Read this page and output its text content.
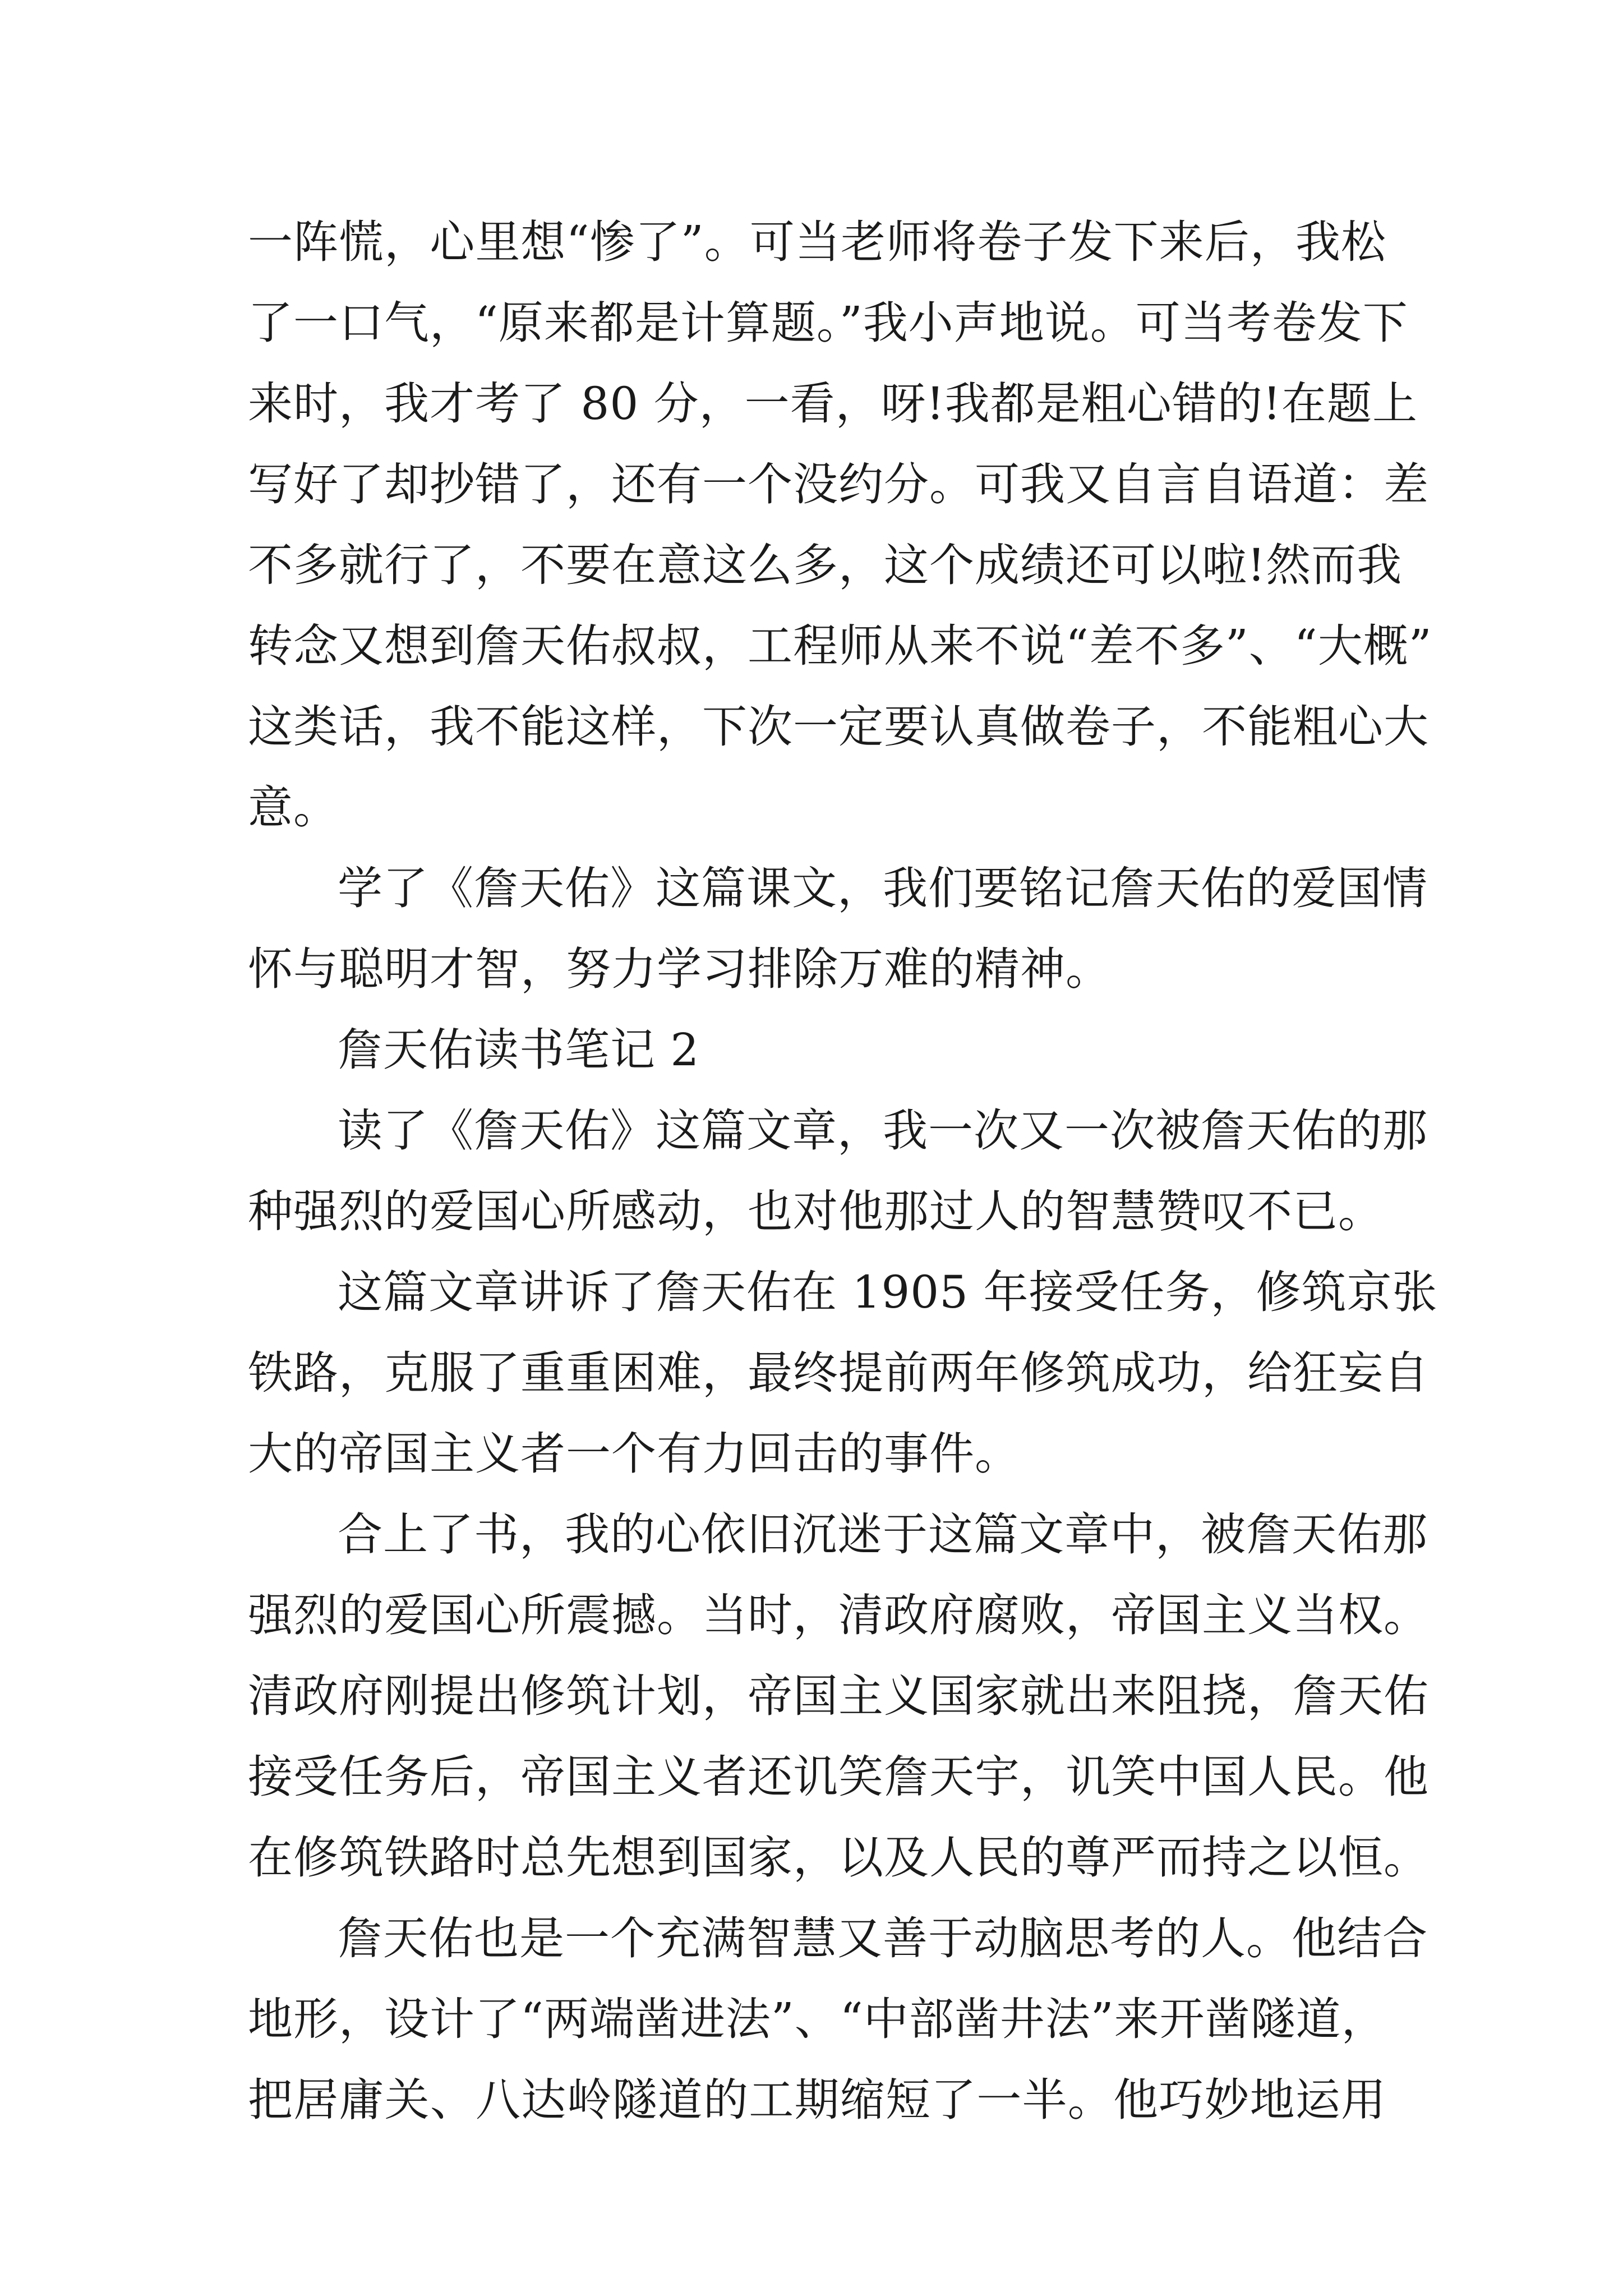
一阵慌，心里想“惨了”。可当老师将卷子发下来后，我松
了一口气，“原来都是计算题。”我小声地说。可当考卷发下
来时，我才考了 80 分，一看，呀!我都是粗心错的!在题上
写好了却抄错了，还有一个没约分。可我又自言自语道：差
不多就行了，不要在意这么多，这个成绩还可以啦!然而我
转念又想到詹天佑叔叔，工程师从来不说“差不多”、“大概”
这类话，我不能这样，下次一定要认真做卷子，不能粗心大
意。
学了《詹天佑》这篇课文，我们要铭记詹天佑的爱国情
怀与聪明才智，努力学习排除万难的精神。
詹天佑读书笔记 2
读了《詹天佑》这篇文章，我一次又一次被詹天佑的那
种强烈的爱国心所感动，也对他那过人的智慧赞叹不已。
这篇文章讲诉了詹天佑在 1905 年接受任务，修筑京张
铁路，克服了重重困难，最终提前两年修筑成功，给狂妄自
大的帝国主义者一个有力回击的事件。
合上了书，我的心依旧沉迷于这篇文章中，被詹天佑那
强烈的爱国心所震撼。当时，清政府腐败，帝国主义当权。
清政府刚提出修筑计划，帝国主义国家就出来阻挠，詹天佑
接受任务后，帝国主义者还讥笑詹天宇，讥笑中国人民。他
在修筑铁路时总先想到国家，以及人民的尊严而持之以恒。
詹天佑也是一个充满智慧又善于动脑思考的人。他结合
地形，设计了“两端凿进法”、“中部凿井法”来开凿隧道，
把居庸关、八达岭隧道的工期缩短了一半。他巧妙地运用
